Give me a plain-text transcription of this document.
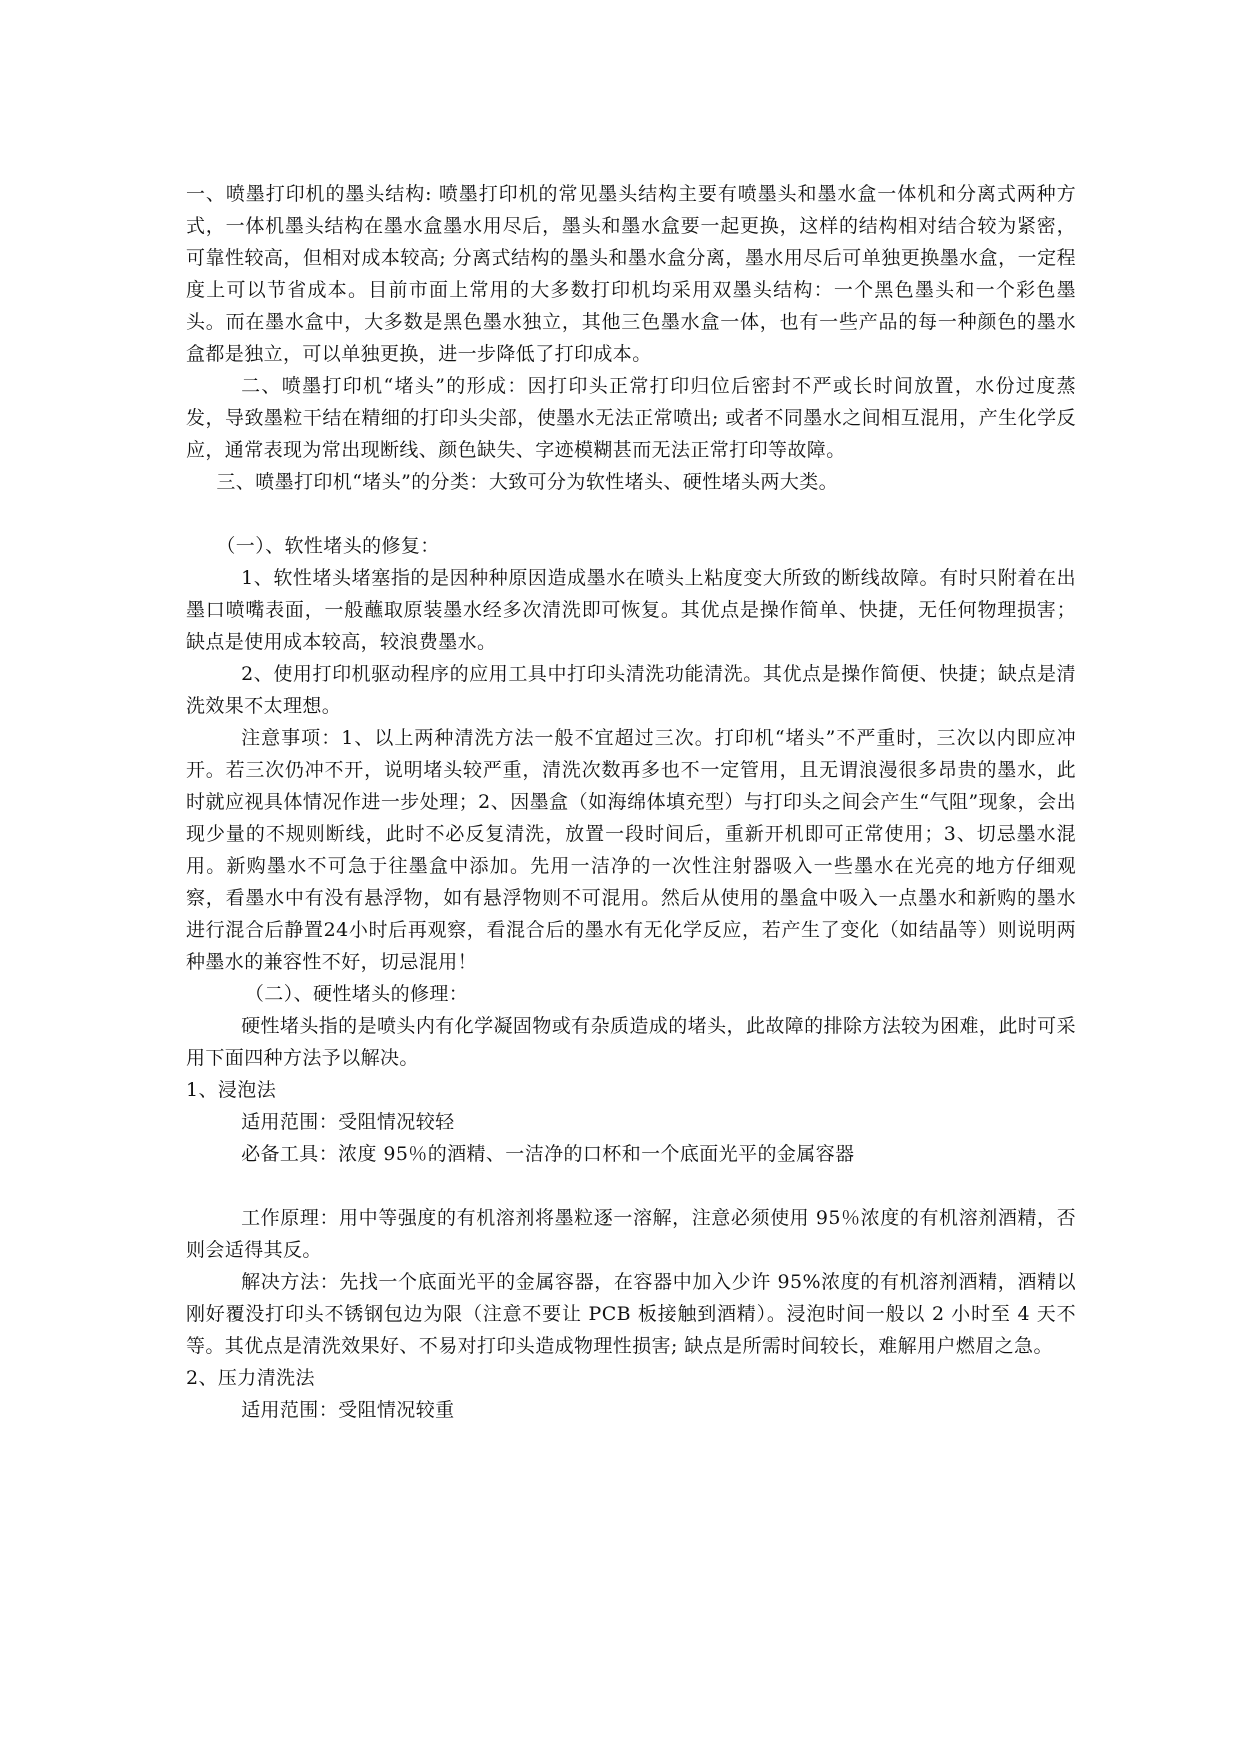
一、喷墨打印机的墨头结构: 喷墨打印机的常见墨头结构主要有喷墨头和墨水盒一体机和分离式两种方式，一体机墨头结构在墨水盒墨水用尽后，墨头和墨水盒要一起更换，这样的结构相对结合较为紧密，可靠性较高，但相对成本较高; 分离式结构的墨头和墨水盒分离，墨水用尽后可单独更换墨水盒，一定程度上可以节省成本。目前市面上常用的大多数打印机均采用双墨头结构：一个黑色墨头和一个彩色墨头。而在墨水盒中，大多数是黑色墨水独立，其他三色墨水盒一体，也有一些产品的每一种颜色的墨水盒都是独立，可以单独更换，进一步降低了打印成本。

二、喷墨打印机“堵头”的形成：因打印头正常打印归位后密封不严或长时间放置，水份过度蒸发，导致墨粒干结在精细的打印头尖部，使墨水无法正常喷出; 或者不同墨水之间相互混用，产生化学反应，通常表现为常出现断线、颜色缺失、字迹模糊甚而无法正常打印等故障。

三、喷墨打印机“堵头”的分类：大致可分为软性堵头、硬性堵头两大类。

（一）、软性堵头的修复：

1、软性堵头堵塞指的是因种种原因造成墨水在喷头上粘度变大所致的断线故障。有时只附着在出墨口喷嘴表面，一般蘸取原装墨水经多次清洗即可恢复。其优点是操作简单、快捷，无任何物理损害；缺点是使用成本较高，较浪费墨水。

2、使用打印机驱动程序的应用工具中打印头清洗功能清洗。其优点是操作简便、快捷；缺点是清洗效果不太理想。

注意事项：1、以上两种清洗方法一般不宜超过三次。打印机“堵头”不严重时，三次以内即应冲开。若三次仍冲不开，说明堵头较严重，清洗次数再多也不一定管用，且无谓浪漫很多昂贵的墨水，此时就应视具体情况作进一步处理；2、因墨盒（如海绵体填充型）与打印头之间会产生“气阻”现象，会出现少量的不规则断线，此时不必反复清洗，放置一段时间后，重新开机即可正常使用；3、切忌墨水混用。新购墨水不可急于往墨盒中添加。先用一洁净的一次性注射器吸入一些墨水在光亮的地方仔细观察，看墨水中有没有悬浮物，如有悬浮物则不可混用。然后从使用的墨盒中吸入一点墨水和新购的墨水进行混合后静置24小时后再观察，看混合后的墨水有无化学反应，若产生了变化（如结晶等）则说明两种墨水的兼容性不好，切忌混用！

（二）、硬性堵头的修理：

硬性堵头指的是喷头内有化学凝固物或有杂质造成的堵头，此故障的排除方法较为困难，此时可采用下面四种方法予以解决。

1、浸泡法

适用范围：受阻情况较轻

必备工具：浓度 95％的酒精、一洁净的口杯和一个底面光平的金属容器

工作原理：用中等强度的有机溶剂将墨粒逐一溶解，注意必须使用 95％浓度的有机溶剂酒精，否则会适得其反。

解决方法：先找一个底面光平的金属容器，在容器中加入少许 95%浓度的有机溶剂酒精，酒精以刚好覆没打印头不锈钢包边为限（注意不要让 PCB 板接触到酒精）。浸泡时间一般以 2 小时至 4 天不等。其优点是清洗效果好、不易对打印头造成物理性损害; 缺点是所需时间较长，难解用户燃眉之急。

2、压力清洗法

适用范围：受阻情况较重
